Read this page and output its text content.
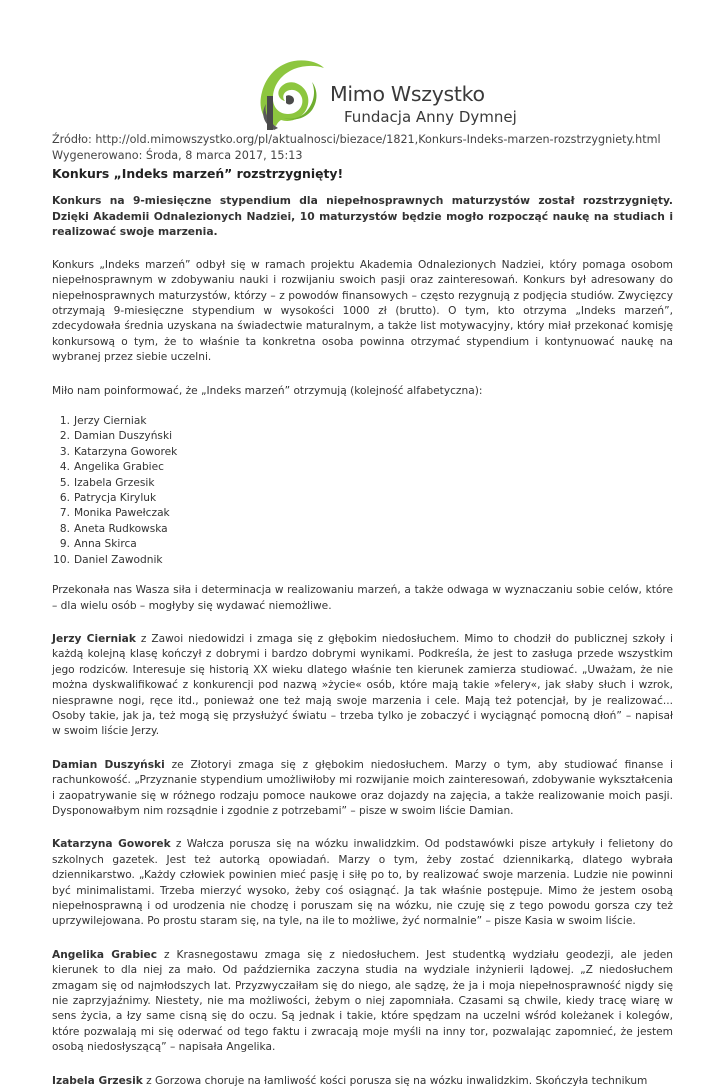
Mimo Wszystko
Fundacja Anny Dymnej
Źródło: http://old.mimowszystko.org/pl/aktualnosci/biezace/1821,Konkurs-Indeks-marzen-rozstrzygniety.html
Wygenerowano: Środa, 8 marca 2017, 15:13
Konkurs „Indeks marzeń” rozstrzygnięty!

Konkurs na 9-miesięczne stypendium dla niepełnosprawnych maturzystów został rozstrzygnięty. Dzięki Akademii Odnalezionych Nadziei, 10 maturzystów będzie mogło rozpocząć naukę na studiach i realizować swoje marzenia.

Konkurs „Indeks marzeń” odbył się w ramach projektu Akademia Odnalezionych Nadziei, który pomaga osobom niepełnosprawnym w zdobywaniu nauki i rozwijaniu swoich pasji oraz zainteresowań. Konkurs był adresowany do niepełnosprawnych maturzystów, którzy – z powodów finansowych – często rezygnują z podjęcia studiów. Zwycięzcy otrzymają 9-miesięczne stypendium w wysokości 1000 zł (brutto). O tym, kto otrzyma „Indeks marzeń”, zdecydowała średnia uzyskana na świadectwie maturalnym, a także list motywacyjny, który miał przekonać komisję konkursową o tym, że to właśnie ta konkretna osoba powinna otrzymać stypendium i kontynuować naukę na wybranej przez siebie uczelni.

Miło nam poinformować, że „Indeks marzeń” otrzymują (kolejność alfabetyczna):

1. Jerzy Cierniak
2. Damian Duszyński
3. Katarzyna Goworek
4. Angelika Grabiec
5. Izabela Grzesik
6. Patrycja Kiryluk
7. Monika Pawełczak
8. Aneta Rudkowska
9. Anna Skirca
10. Daniel Zawodnik

Przekonała nas Wasza siła i determinacja w realizowaniu marzeń, a także odwaga w wyznaczaniu sobie celów, które – dla wielu osób – mogłyby się wydawać niemożliwe.

Jerzy Cierniak z Zawoi niedowidzi i zmaga się z głębokim niedosłuchem. Mimo to chodził do publicznej szkoły i każdą kolejną klasę kończył z dobrymi i bardzo dobrymi wynikami. Podkreśla, że jest to zasługa przede wszystkim jego rodziców. Interesuje się historią XX wieku dlatego właśnie ten kierunek zamierza studiować. „Uważam, że nie można dyskwalifikować z konkurencji pod nazwą »życie« osób, które mają takie »felery«, jak słaby słuch i wzrok, niesprawne nogi, ręce itd., ponieważ one też mają swoje marzenia i cele. Mają też potencjał, by je realizować... Osoby takie, jak ja, też mogą się przysłużyć światu – trzeba tylko je zobaczyć i wyciągnąć pomocną dłoń” – napisał w swoim liście Jerzy.

Damian Duszyński ze Złotoryi zmaga się z głębokim niedosłuchem. Marzy o tym, aby studiować finanse i rachunkowość. „Przyznanie stypendium umożliwiłoby mi rozwijanie moich zainteresowań, zdobywanie wykształcenia i zaopatrywanie się w różnego rodzaju pomoce naukowe oraz dojazdy na zajęcia, a także realizowanie moich pasji. Dysponowałbym nim rozsądnie i zgodnie z potrzebami” – pisze w swoim liście Damian.

Katarzyna Goworek z Wałcza porusza się na wózku inwalidzkim. Od podstawówki pisze artykuły i felietony do szkolnych gazetek. Jest też autorką opowiadań. Marzy o tym, żeby zostać dziennikarką, dlatego wybrała dziennikarstwo. „Każdy człowiek powinien mieć pasję i siłę po to, by realizować swoje marzenia. Ludzie nie powinni być minimalistami. Trzeba mierzyć wysoko, żeby coś osiągnąć. Ja tak właśnie postępuje. Mimo że jestem osobą niepełnosprawną i od urodzenia nie chodzę i poruszam się na wózku, nie czuję się z tego powodu gorsza czy też uprzywilejowana. Po prostu staram się, na tyle, na ile to możliwe, żyć normalnie” – pisze Kasia w swoim liście.

Angelika Grabiec z Krasnegostawu zmaga się z niedosłuchem. Jest studentką wydziału geodezji, ale jeden kierunek to dla niej za mało. Od października zaczyna studia na wydziale inżynierii lądowej. „Z niedosłuchem zmagam się od najmłodszych lat. Przyzwyczaiłam się do niego, ale sądzę, że ja i moja niepełnosprawność nigdy się nie zaprzyjaźnimy. Niestety, nie ma możliwości, żebym o niej zapomniała. Czasami są chwile, kiedy tracę wiarę w sens życia, a łzy same cisną się do oczu. Są jednak i takie, które spędzam na uczelni wśród koleżanek i kolegów, które pozwalają mi się oderwać od tego faktu i zwracają moje myśli na inny tor, pozwalając zapomnieć, że jestem osobą niedosłyszącą” – napisała Angelika.

Izabela Grzesik z Gorzowa choruje na łamliwość kości porusza się na wózku inwalidzkim. Skończyła technikum
